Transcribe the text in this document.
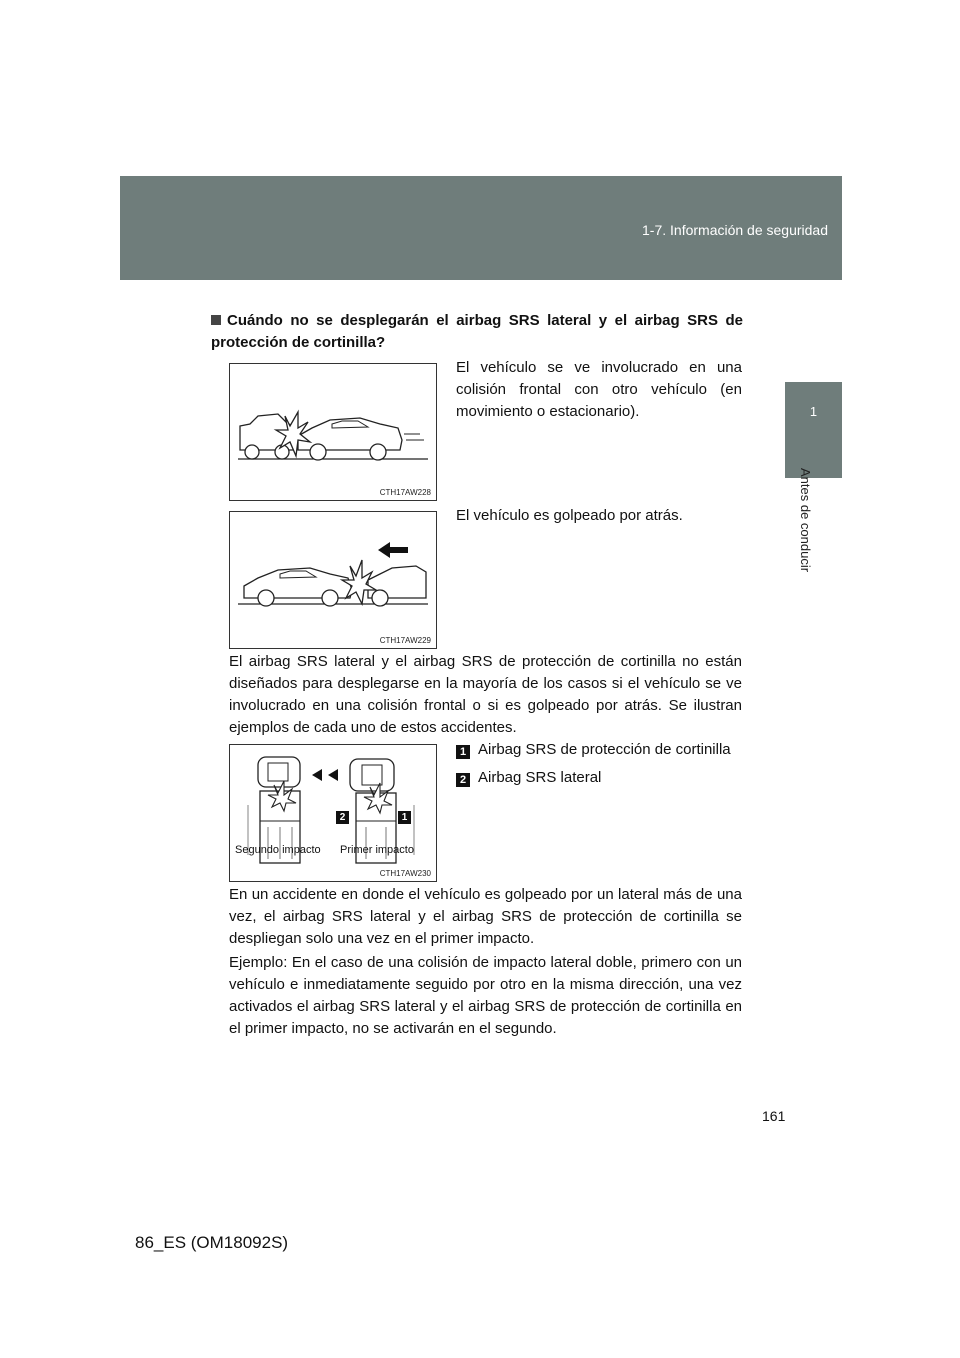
1-7. Información de seguridad
1
Antes de conducir
Cuándo no se desplegarán el airbag SRS lateral y el airbag SRS de protección de cortinilla?
CTH17AW228
El vehículo se ve involucrado en una colisión frontal con otro vehículo (en movimiento o estacionario).
CTH17AW229
El vehículo es golpeado por atrás.
El airbag SRS lateral y el airbag SRS de protección de cortinilla no están diseñados para desplegarse en la mayoría de los casos si el vehículo se ve involucrado en una colisión frontal o si es golpeado por atrás. Se ilustran ejemplos de cada uno de estos accidentes.
2	1
Segundo impacto Primer impacto
CTH17AW230
1 Airbag SRS de protección de cortinilla
2 Airbag SRS lateral
En un accidente en donde el vehículo es golpeado por un lateral más de una vez, el airbag SRS lateral y el airbag SRS de protección de cortinilla se despliegan solo una vez en el primer impacto.
Ejemplo: En el caso de una colisión de impacto lateral doble, primero con un vehículo e inmediatamente seguido por otro en la misma dirección, una vez activados el airbag SRS lateral y el airbag SRS de protección de cortinilla en el primer impacto, no se activarán en el segundo.
161
86_ES (OM18092S)
